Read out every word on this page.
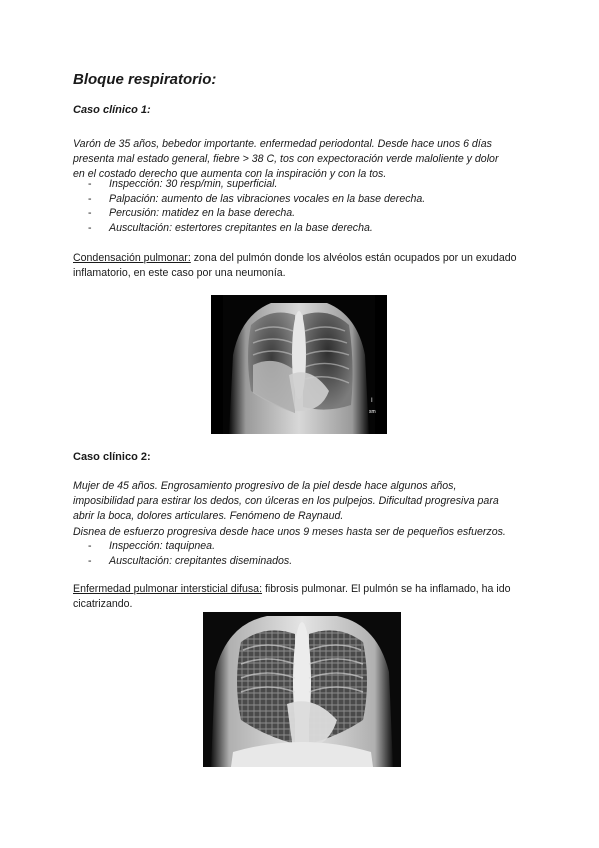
Bloque respiratorio:
Caso clínico 1:
Varón de 35 años, bebedor importante. enfermedad periodontal. Desde hace unos 6 días
presenta mal estado general, fiebre > 38 C, tos con expectoración verde maloliente y dolor
en el costado derecho que aumenta con la inspiración y con la tos.
- Inspección: 30 resp/min, superficial.
- Palpación: aumento de las vibraciones vocales en la base derecha.
- Percusión: matidez en la base derecha.
- Auscultación: estertores crepitantes en la base derecha.
Condensación pulmonar: zona del pulmón donde los alvéolos están ocupados por un exudado
inflamatorio, en este caso por una neumonía.
I
sm
Caso clínico 2:
Mujer de 45 años. Engrosamiento progresivo de la piel desde hace algunos años,
imposibilidad para estirar los dedos, con úlceras en los pulpejos. Dificultad progresiva para
abrir la boca, dolores articulares. Fenómeno de Raynaud.
Disnea de esfuerzo progresiva desde hace unos 9 meses hasta ser de pequeños esfuerzos.
- Inspección: taquipnea.
- Auscultación: crepitantes diseminados.
Enfermedad pulmonar intersticial difusa: fibrosis pulmonar. El pulmón se ha inflamado, ha ido
cicatrizando.
